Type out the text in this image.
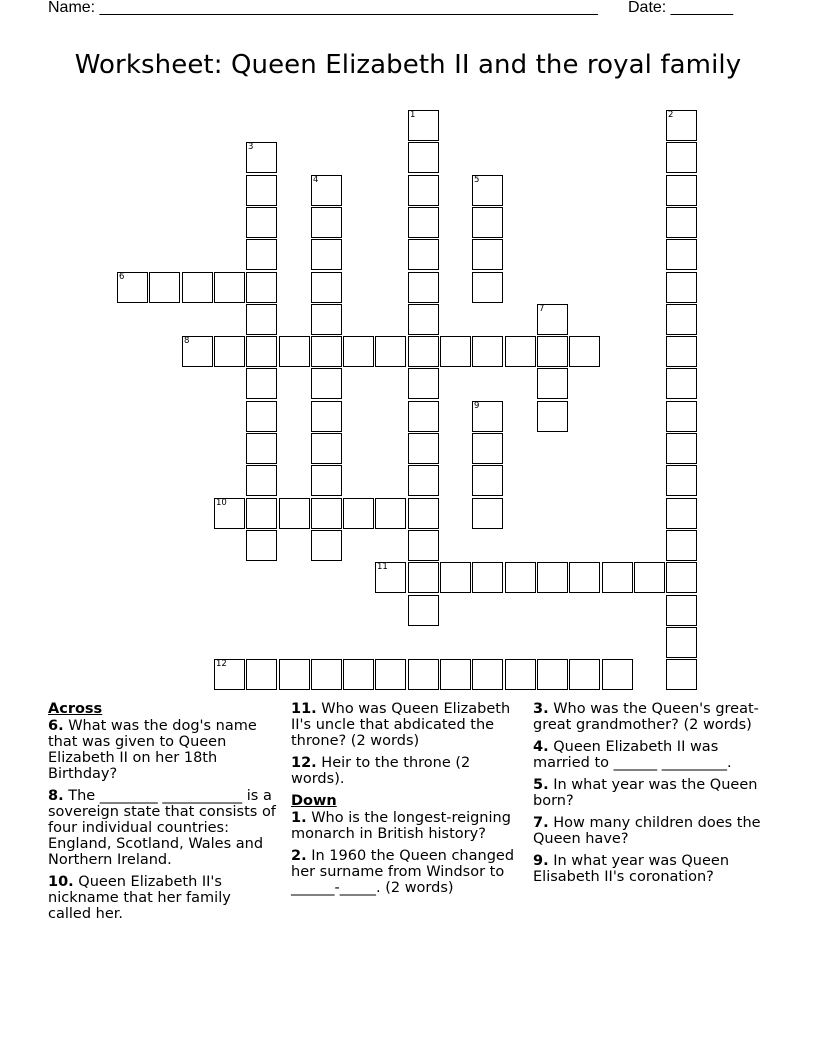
Name: ________________________________________________________ Date: _______
Worksheet: Queen Elizabeth II and the royal family
1	2
3
4	5
6
7
8
9
10
11
12
Across
6. What was the dog's name that was given to Queen Elizabeth II on her 18th Birthday?
8. The ________ ___________ is a sovereign state that consists of four individual countries: England, Scotland, Wales and Northern Ireland.
10. Queen Elizabeth II's nickname that her family called her.
11. Who was Queen Elizabeth II's uncle that abdicated the throne? (2 words)
12. Heir to the throne (2 words).
Down
1. Who is the longest-reigning monarch in British history?
2. In 1960 the Queen changed her surname from Windsor to ______-_____. (2 words)
3. Who was the Queen's great-great grandmother? (2 words)
4. Queen Elizabeth II was married to ______ _________.
5. In what year was the Queen born?
7. How many children does the Queen have?
9. In what year was Queen Elisabeth II's coronation?
